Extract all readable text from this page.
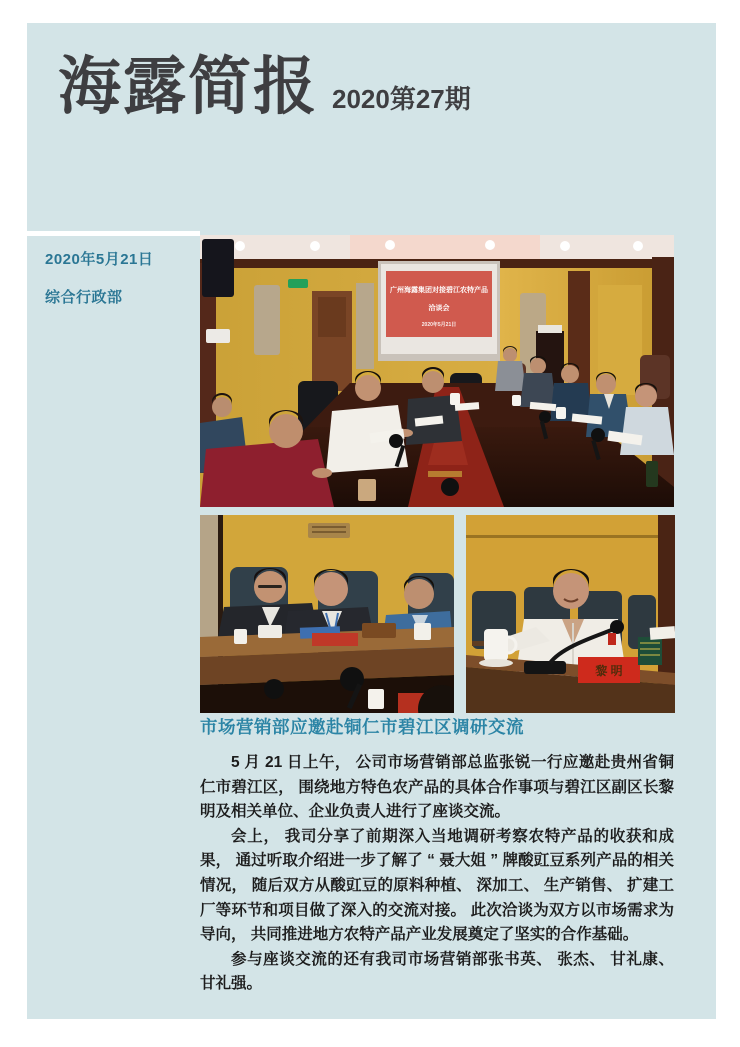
海露简报 2020第27期
2020年5月21日
综合行政部	广州海露集团对接碧江农特产品
洽谈会
2020年5月21日
黎 明
市场营销部应邀赴铜仁市碧江区调研交流

5 月 21 日上午， 公司市场营销部总监张锐一行应邀赴贵州省铜仁市碧江区， 围绕地方特色农产品的具体合作事项与碧江区副区长黎明及相关单位、企业负责人进行了座谈交流。

会上， 我司分享了前期深入当地调研考察农特产品的收获和成果， 通过听取介绍进一步了解了 “ 聂大姐 ” 牌酸豇豆系列产品的相关情况， 随后双方从酸豇豆的原料种植、 深加工、 生产销售、 扩建工厂等环节和项目做了深入的交流对接。 此次洽谈为双方以市场需求为导向， 共同推进地方农特产品产业发展奠定了坚实的合作基础。

参与座谈交流的还有我司市场营销部张书英、 张杰、 甘礼康、 甘礼强。
